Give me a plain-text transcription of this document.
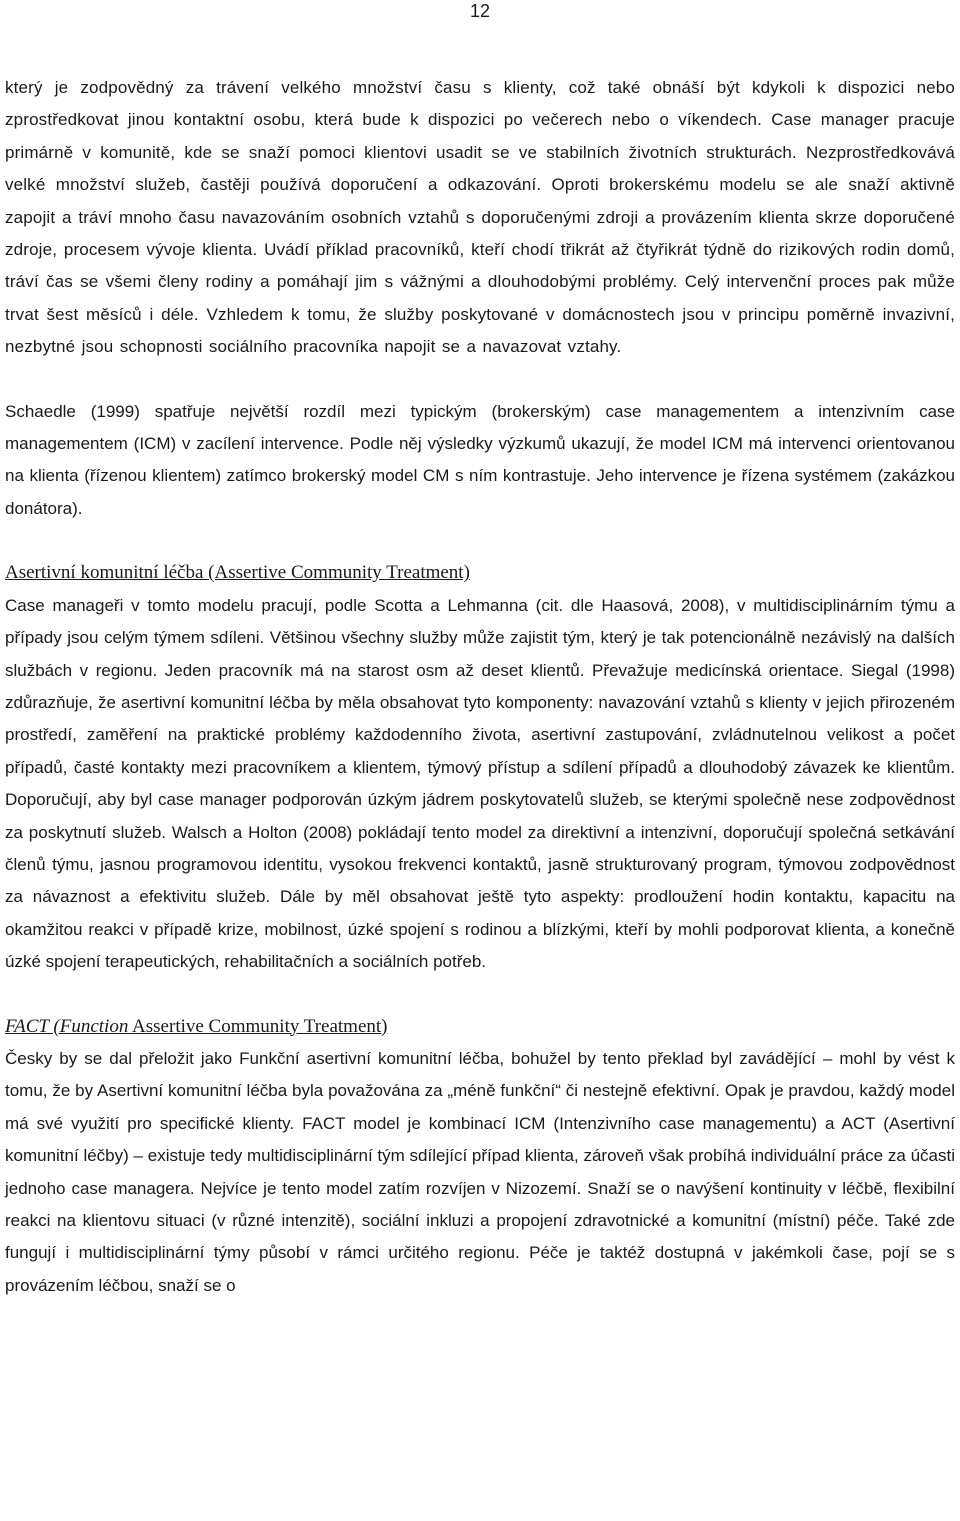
12

který je zodpovědný za trávení velkého množství času s klienty, což také obnáší být kdykoli k dispozici nebo zprostředkovat jinou kontaktní osobu, která bude k dispozici po večerech nebo o víkendech. Case manager pracuje primárně v komunitě, kde se snaží pomoci klientovi usadit se ve stabilních životních strukturách. Nezprostředkovává velké množství služeb, častěji používá doporučení a odkazování. Oproti brokerskému modelu se ale snaží aktivně zapojit a tráví mnoho času navazováním osobních vztahů s doporučenými zdroji a provázením klienta skrze doporučené zdroje, procesem vývoje klienta. Uvádí příklad pracovníků, kteří chodí třikrát až čtyřikrát týdně do rizikových rodin domů, tráví čas se všemi členy rodiny a pomáhají jim s vážnými a dlouhodobými problémy. Celý intervenční proces pak může trvat šest měsíců i déle. Vzhledem k tomu, že služby poskytované v domácnostech jsou v principu poměrně invazivní, nezbytné jsou schopnosti sociálního pracovníka napojit se a navazovat vztahy.

Schaedle (1999) spatřuje největší rozdíl mezi typickým (brokerským) case managementem a intenzivním case managementem (ICM) v zacílení intervence. Podle něj výsledky výzkumů ukazují, že model ICM má intervenci orientovanou na klienta (řízenou klientem) zatímco brokerský model CM s ním kontrastuje. Jeho intervence je řízena systémem (zakázkou donátora).

Asertivní komunitní léčba (Assertive Community Treatment)

Case manageři v tomto modelu pracují, podle Scotta a Lehmanna (cit. dle Haasová, 2008), v multidisciplinárním týmu a případy jsou celým týmem sdíleni. Většinou všechny služby může zajistit tým, který je tak potencionálně nezávislý na dalších službách v regionu. Jeden pracovník má na starost osm až deset klientů. Převažuje medicínská orientace. Siegal (1998) zdůrazňuje, že asertivní komunitní léčba by měla obsahovat tyto komponenty: navazování vztahů s klienty v jejich přirozeném prostředí, zaměření na praktické problémy každodenního života, asertivní zastupování, zvládnutelnou velikost a počet případů, časté kontakty mezi pracovníkem a klientem, týmový přístup a sdílení případů a dlouhodobý závazek ke klientům. Doporučují, aby byl case manager podporován úzkým jádrem poskytovatelů služeb, se kterými společně nese zodpovědnost za poskytnutí služeb. Walsch a Holton (2008) pokládají tento model za direktivní a intenzivní, doporučují společná setkávání členů týmu, jasnou programovou identitu, vysokou frekvenci kontaktů, jasně strukturovaný program, týmovou zodpovědnost za návaznost a efektivitu služeb. Dále by měl obsahovat ještě tyto aspekty: prodloužení hodin kontaktu, kapacitu na okamžitou reakci v případě krize, mobilnost, úzké spojení s rodinou a blízkými, kteří by mohli podporovat klienta, a konečně úzké spojení terapeutických, rehabilitačních a sociálních potřeb.

FACT (Function Assertive Community Treatment)

Česky by se dal přeložit jako Funkční asertivní komunitní léčba, bohužel by tento překlad byl zavádějící – mohl by vést k tomu, že by Asertivní komunitní léčba byla považována za „méně funkční“ či nestejně efektivní. Opak je pravdou, každý model má své využití pro specifické klienty. FACT model je kombinací ICM (Intenzivního case managementu) a ACT (Asertivní komunitní léčby) – existuje tedy multidisciplinární tým sdílející případ klienta, zároveň však probíhá individuální práce za účasti jednoho case managera. Nejvíce je tento model zatím rozvíjen v Nizozemí. Snaží se o navýšení kontinuity v léčbě, flexibilní reakci na klientovu situaci (v různé intenzitě), sociální inkluzi a propojení zdravotnické a komunitní (místní) péče. Také zde fungují i multidisciplinární týmy působí v rámci určitého regionu. Péče je taktéž dostupná v jakémkoli čase, pojí se s provázením léčbou, snaží se o
